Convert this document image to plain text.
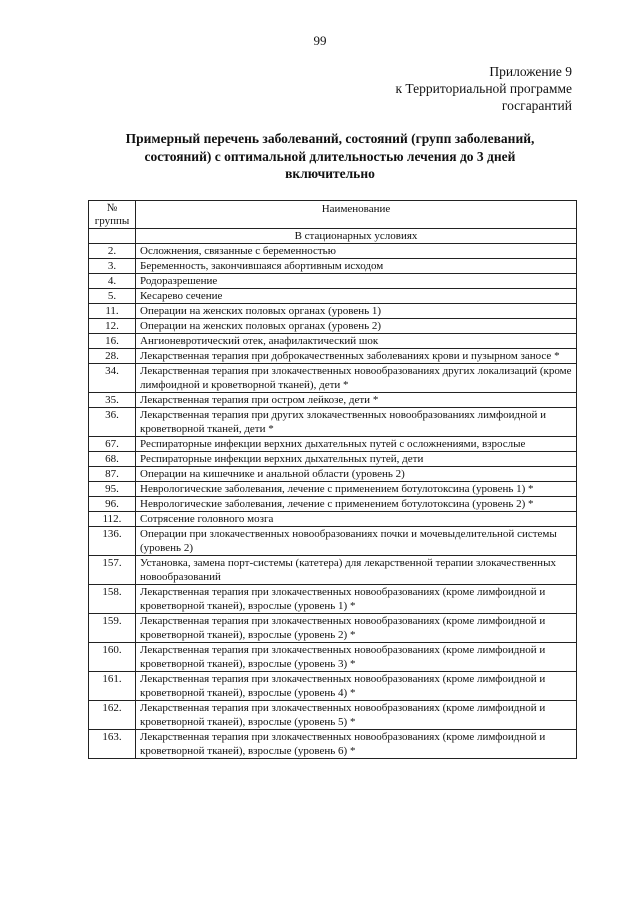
99
Приложение 9
к Территориальной программе
госгарантий
Примерный перечень заболеваний, состояний (групп заболеваний,
состояний) с оптимальной длительностью лечения до 3 дней
включительно
№
группы	Наименование
	В стационарных условиях
2.	Осложнения, связанные с беременностью
3.	Беременность, закончившаяся абортивным исходом
4.	Родоразрешение
5.	Кесарево сечение
11.	Операции на женских половых органах (уровень 1)
12.	Операции на женских половых органах (уровень 2)
16.	Ангионевротический отек, анафилактический шок
28.	Лекарственная терапия при доброкачественных заболеваниях крови и пузырном заносе *
34.	Лекарственная терапия при злокачественных новообразованиях других локализаций (кроме лимфоидной и кроветворной тканей), дети *
35.	Лекарственная терапия при остром лейкозе, дети *
36.	Лекарственная терапия при других злокачественных новообразованиях лимфоидной и кроветворной тканей, дети *
67.	Респираторные инфекции верхних дыхательных путей с осложнениями, взрослые
68.	Респираторные инфекции верхних дыхательных путей, дети
87.	Операции на кишечнике и анальной области (уровень 2)
95.	Неврологические заболевания, лечение с применением ботулотоксина (уровень 1) *
96.	Неврологические заболевания, лечение с применением ботулотоксина (уровень 2) *
112.	Сотрясение головного мозга
136.	Операции при злокачественных новообразованиях почки и мочевыделительной системы (уровень 2)
157.	Установка, замена порт-системы (катетера) для лекарственной терапии злокачественных новообразований
158.	Лекарственная терапия при злокачественных новообразованиях (кроме лимфоидной и кроветворной тканей), взрослые (уровень 1) *
159.	Лекарственная терапия при злокачественных новообразованиях (кроме лимфоидной и кроветворной тканей), взрослые (уровень 2) *
160.	Лекарственная терапия при злокачественных новообразованиях (кроме лимфоидной и кроветворной тканей), взрослые (уровень 3) *
161.	Лекарственная терапия при злокачественных новообразованиях (кроме лимфоидной и кроветворной тканей), взрослые (уровень 4) *
162.	Лекарственная терапия при злокачественных новообразованиях (кроме лимфоидной и кроветворной тканей), взрослые (уровень 5) *
163.	Лекарственная терапия при злокачественных новообразованиях (кроме лимфоидной и кроветворной тканей), взрослые (уровень 6) *
